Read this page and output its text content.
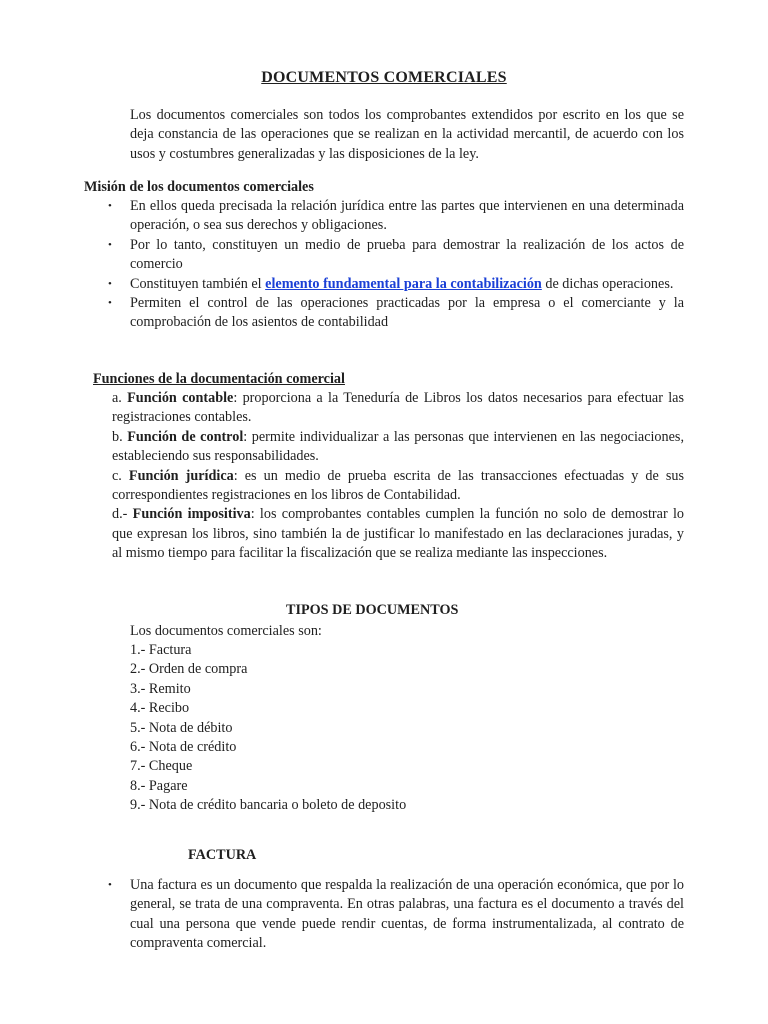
DOCUMENTOS COMERCIALES

Los documentos comerciales son todos los comprobantes extendidos por escrito en los que se deja constancia de las operaciones que se realizan en la actividad mercantil, de acuerdo con los usos y costumbres generalizadas y las disposiciones de la ley.

Misión de los documentos comerciales
• En ellos queda precisada la relación jurídica entre las partes que intervienen en una determinada operación, o sea sus derechos y obligaciones.
• Por lo tanto, constituyen un medio de prueba para demostrar la realización de los actos de comercio
• Constituyen también el elemento fundamental para la contabilización de dichas operaciones.
• Permiten el control de las operaciones practicadas por la empresa o el comerciante y la comprobación de los asientos de contabilidad
Funciones de la documentación comercial
a. Función contable: proporciona a la Teneduría de Libros los datos necesarios para efectuar las registraciones contables.
b. Función de control: permite individualizar a las personas que intervienen en las negociaciones, estableciendo sus responsabilidades.
c. Función jurídica: es un medio de prueba escrita de las transacciones efectuadas y de sus correspondientes registraciones en los libros de Contabilidad.
d.- Función impositiva: los comprobantes contables cumplen la función no solo de demostrar lo que expresan los libros, sino también la de justificar lo manifestado en las declaraciones juradas, y al mismo tiempo para facilitar la fiscalización que se realiza mediante las inspecciones.
TIPOS DE DOCUMENTOS
Los documentos comerciales son:
1.- Factura
2.- Orden de compra
3.- Remito
4.- Recibo
5.- Nota de débito
6.- Nota de crédito
7.- Cheque
8.- Pagare
9.- Nota de crédito bancaria o boleto de deposito
FACTURA
• Una factura es un documento que respalda la realización de una operación económica, que por lo general, se trata de una compraventa. En otras palabras, una factura es el documento a través del cual una persona que vende puede rendir cuentas, de forma instrumentalizada, al contrato de compraventa comercial.
